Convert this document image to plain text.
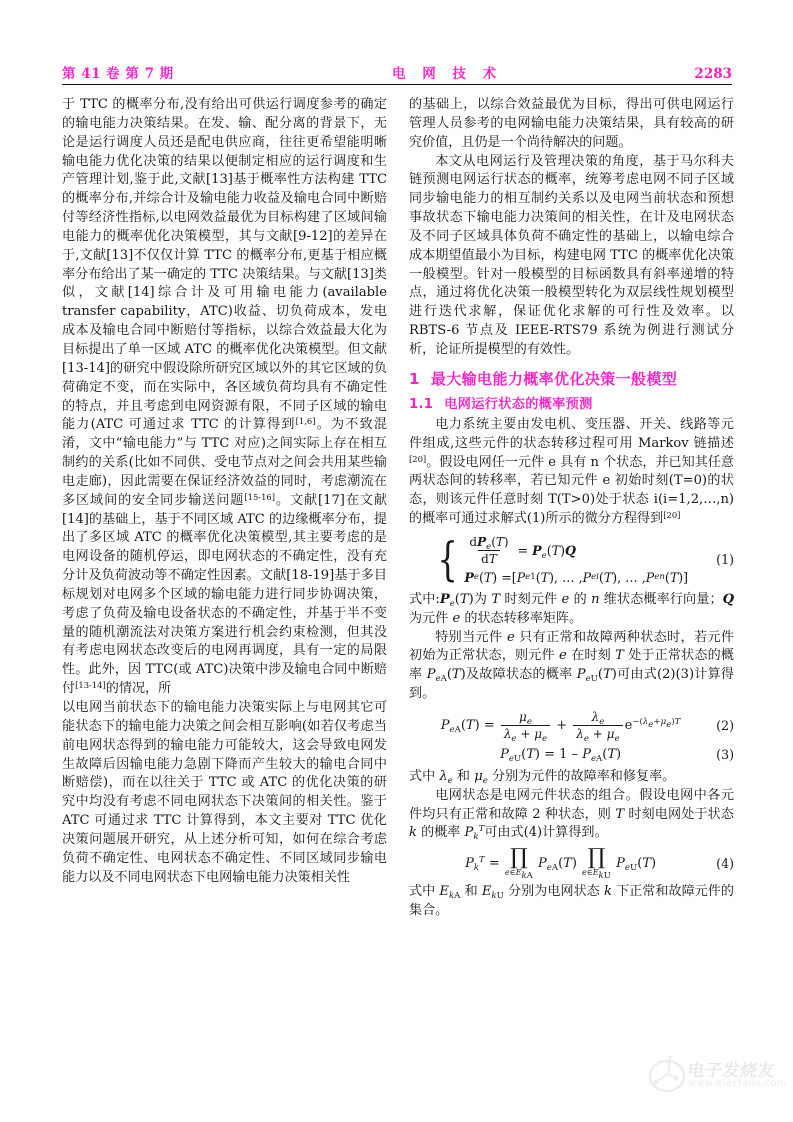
第 41 卷 第 7 期	电 网 技 术	2283

于 TTC 的概率分布,没有给出可供运行调度参考的确定的输电能力决策结果。在发、输、配分离的背景下，无论是运行调度人员还是配电供应商，往往更希望能明晰输电能力优化决策的结果以便制定相应的运行调度和生产管理计划,鉴于此,文献[13]基于概率性方法构建 TTC 的概率分布,并综合计及输电能力收益及输电合同中断赔付等经济性指标,以电网效益最优为目标构建了区域间输电能力的概率优化决策模型，其与文献[9-12]的差异在于,文献[13]不仅仅计算 TTC 的概率分布,更基于相应概率分布给出了某一确定的 TTC 决策结果。与文献[13]类似，文献[14]综合计及可用输电能力(available transfer capability，ATC)收益、切负荷成本，发电成本及输电合同中断赔付等指标，以综合效益最大化为目标提出了单一区域 ATC 的概率优化决策模型。但文献[13-14]的研究中假设除所研究区域以外的其它区域的负荷确定不变，而在实际中，各区域负荷均具有不确定性的特点，并且考虑到电网资源有限，不同子区域的输电能力(ATC 可通过求 TTC 的计算得到[1,6]。为不致混淆，文中“输电能力”与 TTC 对应)之间实际上存在相互制约的关系(比如不同供、受电节点对之间会共用某些输电走廊)，因此需要在保证经济效益的同时，考虑潮流在多区域间的安全同步输送问题[15-16]。文献[17]在文献[14]的基础上，基于不同区域 ATC 的边缘概率分布，提出了多区域 ATC 的概率优化决策模型,其主要考虑的是电网设备的随机停运，即电网状态的不确定性，没有充分计及负荷波动等不确定性因素。文献[18-19]基于多目标规划对电网多个区域的输电能力进行同步协调决策，考虑了负荷及输电设备状态的不确定性，并基于半不变量的随机潮流法对决策方案进行机会约束检测，但其没有考虑电网状态改变后的电网再调度，具有一定的局限性。此外，因 TTC(或 ATC)决策中涉及输电合同中断赔付[13-14]的情况，所

以电网当前状态下的输电能力决策实际上与电网其它可能状态下的输电能力决策之间会相互影响(如若仅考虑当前电网状态得到的输电能力可能较大，这会导致电网发生故障后因输电能力急剧下降而产生较大的输电合同中断赔偿)，而在以往关于 TTC 或 ATC 的优化决策的研究中均没有考虑不同电网状态下决策间的相关性。鉴于 ATC 可通过求 TTC 计算得到，本文主要对 TTC 优化决策问题展开研究，从上述分析可知，如何在综合考虑负荷不确定性、电网状态不确定性、不同区域同步输电能力以及不同电网状态下电网输电能力决策相关性

的基础上，以综合效益最优为目标，得出可供电网运行管理人员参考的电网输电能力决策结果，具有较高的研究价值，且仍是一个尚待解决的问题。

本文从电网运行及管理决策的角度，基于马尔科夫链预测电网运行状态的概率，统筹考虑电网不同子区域同步输电能力的相互制约关系以及电网当前状态和预想事故状态下输电能力决策间的相关性，在计及电网状态及不同子区域具体负荷不确定性的基础上，以输电综合成本期望值最小为目标，构建电网 TTC 的概率优化决策一般模型。针对一般模型的目标函数具有斜率递增的特点，通过将优化决策一般模型转化为双层线性规划模型进行迭代求解，保证优化求解的可行性及效率。以 RBTS-6 节点及 IEEE-RTS79 系统为例进行测试分析，论证所提模型的有效性。

1 最大输电能力概率优化决策一般模型
1.1 电网运行状态的概率预测

电力系统主要由发电机、变压器、开关、线路等元件组成,这些元件的状态转移过程可用 Markov 链描述[20]。假设电网任一元件 e 具有 n 个状态，并已知其任意两状态间的转移率，若已知元件 e 初始时刻(T=0)的状态，则该元件任意时刻 T(T>0)处于状态 i(i=1,2,…,n)的概率可通过求解式(1)所示的微分方程得到[20]

{ $\frac{dP_e(T)}{dT} = P_e(T)Q$
P e ( T ) =[ P e1 ( T ), … , P ei ( T ), … , P en ( T )]
(1)

式中$:P_e(T)$为 T 时刻元件 e 的 n 维状态概率行向量；Q 为元件 e 的状态转移率矩阵。

特别当元件 e 只有正常和故障两种状态时，若元件初始为正常状态，则元件 e 在时刻 T 处于正常状态的概率 $P_{eA}(T)$及故障状态的概率 $P_{eU}(T)$可由式(2)(3)计算得到。

$P_{eA}(T) = \frac{\mu_e}{\lambda_e + \mu_e} + \frac{\lambda_e}{\lambda_e + \mu_e} e^{-(\lambda_e+\mu_e)T}$	(2)
$P_{eU}(T) = 1 - P_{eA}(T)$	(3)

式中 $\lambda_e$ 和 $\mu_e$ 分别为元件的故障率和修复率。

电网状态是电网元件状态的组合。假设电网中各元件均只有正常和故障 2 种状态，则 T 时刻电网处于状态 k 的概率 $P_k^T$可由式(4)计算得到。

$P_k^T$ = ∏
$e\in E_{kA}$
$P_{eA}(T)$ ∏
$e\in E_{kU}$
$P_{eU}(T)$	(4)

式中 $E_{kA}$ 和 $E_{kU}$ 分别为电网状态 k 下正常和故障元件的集合。

电子发烧友
www.elecfans.com
